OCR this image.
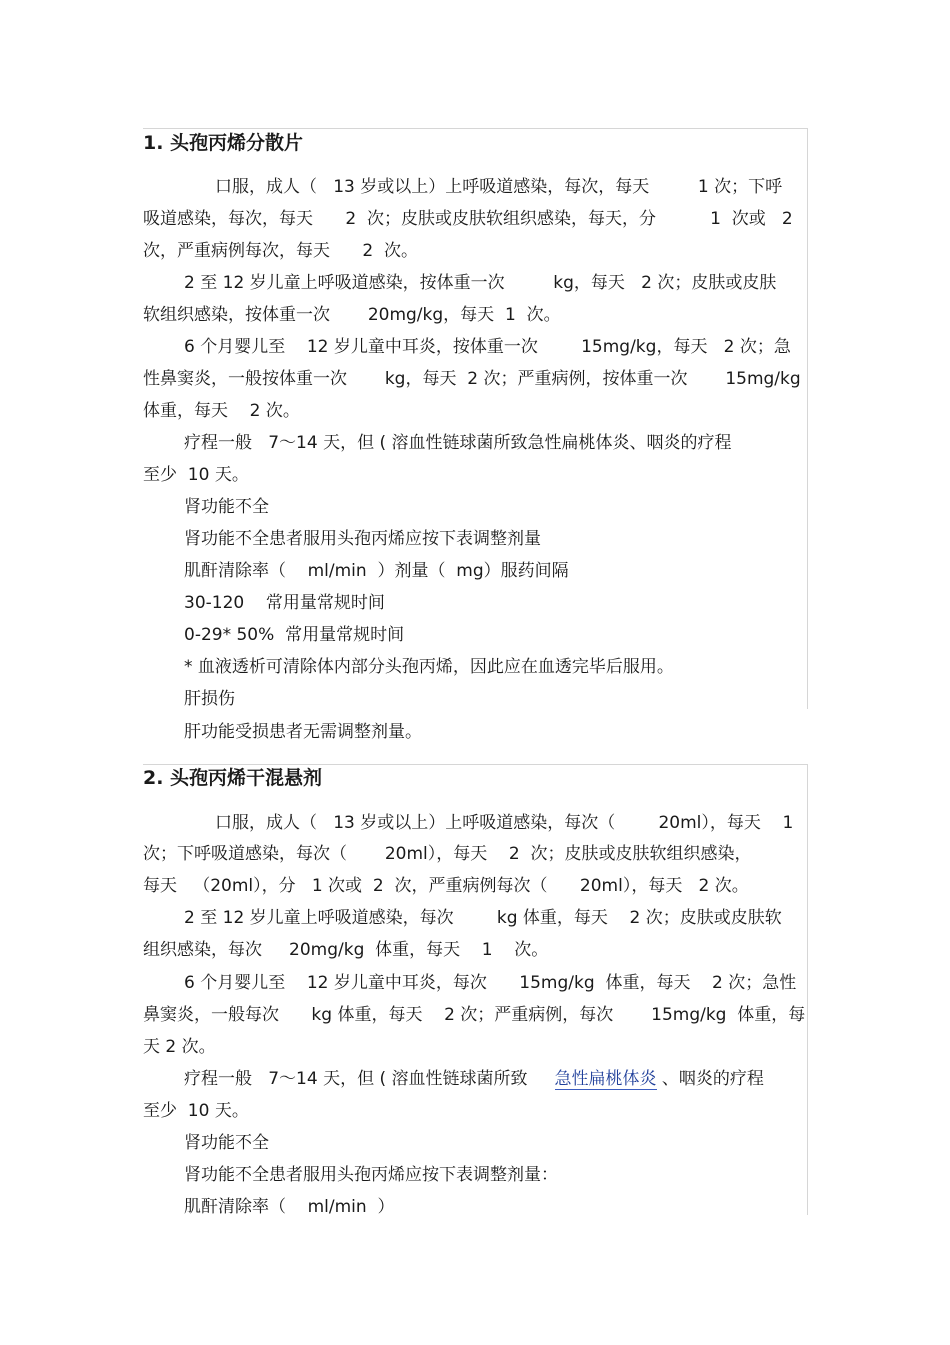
1. 头孢丙烯分散片

口服，成人（   13 岁或以上）上呼吸道感染，每次，每天         1 次；下呼

吸道感染，每次，每天      2  次；皮肤或皮肤软组织感染，每天，分          1  次或   2

次，严重病例每次，每天      2  次。

2 至 12 岁儿童上呼吸道感染，按体重一次         kg，每天   2 次；皮肤或皮肤

软组织感染，按体重一次       20mg/kg，每天  1  次。

6 个月婴儿至    12 岁儿童中耳炎，按体重一次        15mg/kg，每天   2 次；急

性鼻窦炎，一般按体重一次       kg，每天  2 次；严重病例，按体重一次       15mg/kg

体重，每天    2 次。

疗程一般   7～14 天，但 ( 溶血性链球菌所致急性扁桃体炎、咽炎的疗程

至少  10 天。

肾功能不全

肾功能不全患者服用头孢丙烯应按下表调整剂量

肌酐清除率（    ml/min  ）剂量（  mg）服药间隔

30-120    常用量常规时间

0-29* 50%  常用量常规时间

* 血液透析可清除体内部分头孢丙烯，因此应在血透完毕后服用。

肝损伤

肝功能受损患者无需调整剂量。

2. 头孢丙烯干混悬剂

口服，成人（   13 岁或以上）上呼吸道感染，每次（        20ml），每天    1

次；下呼吸道感染，每次（       20ml），每天    2  次；皮肤或皮肤软组织感染，

每天   （20ml），分   1 次或  2  次，严重病例每次（      20ml），每天   2 次。

2 至 12 岁儿童上呼吸道感染，每次        kg 体重，每天    2 次；皮肤或皮肤软

组织感染，每次     20mg/kg  体重，每天    1    次。

6 个月婴儿至    12 岁儿童中耳炎，每次      15mg/kg  体重，每天    2 次；急性

鼻窦炎，一般每次      kg 体重，每天    2 次；严重病例，每次       15mg/kg  体重，每

天 2 次。

疗程一般   7～14 天，但 ( 溶血性链球菌所致     急性扁桃体炎 、咽炎的疗程

至少  10 天。

肾功能不全

肾功能不全患者服用头孢丙烯应按下表调整剂量：

肌酐清除率（    ml/min  ）
